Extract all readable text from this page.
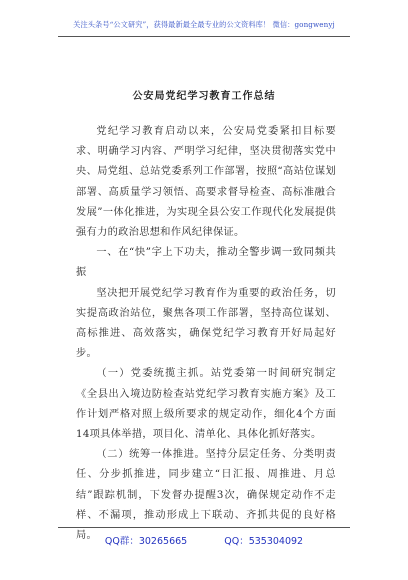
关注头条号“公文研究”，获得最新最全最专业的公文资料库！ 微信：gongwenyj
公安局党纪学习教育工作总结

党纪学习教育启动以来，公安局党委紧扣目标要求、明确学习内容、严明学习纪律，坚决贯彻落实党中央、局党组、总站党委系列工作部署，按照“高站位谋划部署、高质量学习领悟、高要求督导检查、高标准融合发展”一体化推进，为实现全县公安工作现代化发展提供强有力的政治思想和作风纪律保证。

一、在“快”字上下功夫，推动全警步调一致同频共振

坚决把开展党纪学习教育作为重要的政治任务，切实提高政治站位，聚焦各项工作部署，坚持高位谋划、高标推进、高效落实，确保党纪学习教育开好局起好步。

（一）党委统揽主抓。站党委第一时间研究制定《全县出入境边防检查站党纪学习教育实施方案》及工作计划严格对照上级所要求的规定动作，细化4个方面14项具体举措，项目化、清单化、具体化抓好落实。

（二）统筹一体推进。坚持分层定任务、分类明责任、分步抓推进，同步建立“日汇报、周推进、月总结”跟踪机制，下发督办提醒3次，确保规定动作不走样、不漏项，推动形成上下联动、齐抓共促的良好格局。

QQ群：30265665	QQ：535304092
